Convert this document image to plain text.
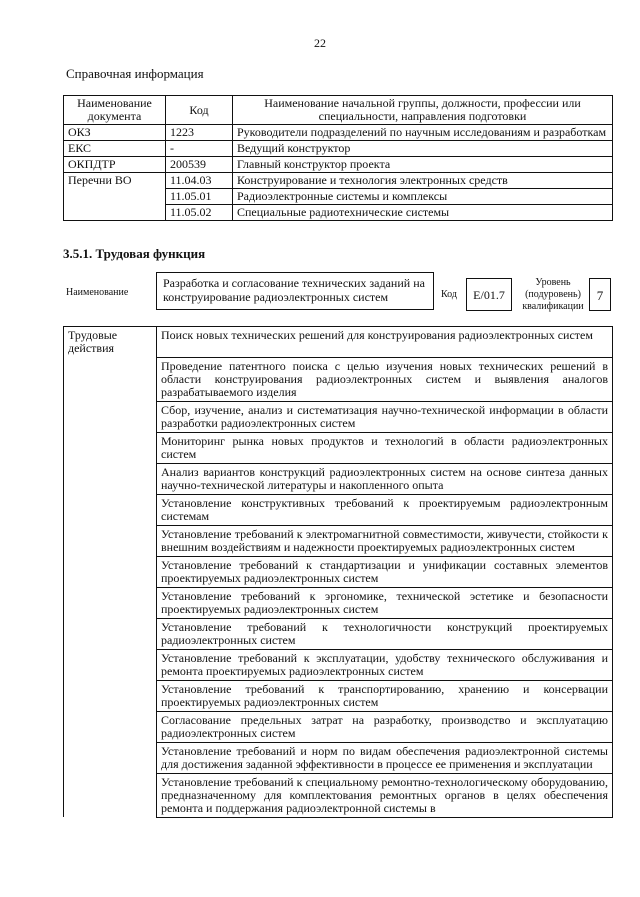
22
Справочная информация
Наименование документа	Код	Наименование начальной группы, должности, профессии или специальности, направления подготовки
ОКЗ	1223	Руководители подразделений по научным исследованиям и разработкам
ЕКС	-	Ведущий конструктор
ОКПДТР	200539	Главный конструктор проекта
Перечни ВО	11.04.03	Конструирование и технология электронных средств
	11.05.01	Радиоэлектронные системы и комплексы
	11.05.02	Специальные радиотехнические системы
3.5.1. Трудовая функция
Наименование
Разработка и согласование технических заданий на конструирование радиоэлектронных систем	Код	E/01.7
Уровень (подуровень) квалификации
7
Трудовые действия	Поиск новых технических решений для конструирования радиоэлектронных систем
	Проведение патентного поиска с целью изучения новых технических решений в области конструирования радиоэлектронных систем и выявления аналогов разрабатываемого изделия
	Сбор, изучение, анализ и систематизация научно-технической информации в области разработки радиоэлектронных систем
	Мониторинг рынка новых продуктов и технологий в области радиоэлектронных систем
	Анализ вариантов конструкций радиоэлектронных систем на основе синтеза данных научно-технической литературы и накопленного опыта
	Установление конструктивных требований к проектируемым радиоэлектронным системам
	Установление требований к электромагнитной совместимости, живучести, стойкости к внешним воздействиям и надежности проектируемых радиоэлектронных систем
	Установление требований к стандартизации и унификации составных элементов проектируемых радиоэлектронных систем
	Установление требований к эргономике, технической эстетике и безопасности проектируемых радиоэлектронных систем
	Установление требований к технологичности конструкций проектируемых радиоэлектронных систем
	Установление требований к эксплуатации, удобству технического обслуживания и ремонта проектируемых радиоэлектронных систем
	Установление требований к транспортированию, хранению и консервации проектируемых радиоэлектронных систем
	Согласование предельных затрат на разработку, производство и эксплуатацию радиоэлектронных систем
	Установление требований и норм по видам обеспечения радиоэлектронной системы для достижения заданной эффективности в процессе ее применения и эксплуатации
	Установление требований к специальному ремонтно-технологическому оборудованию, предназначенному для комплектования ремонтных органов в целях обеспечения ремонта и поддержания радиоэлектронной системы в
